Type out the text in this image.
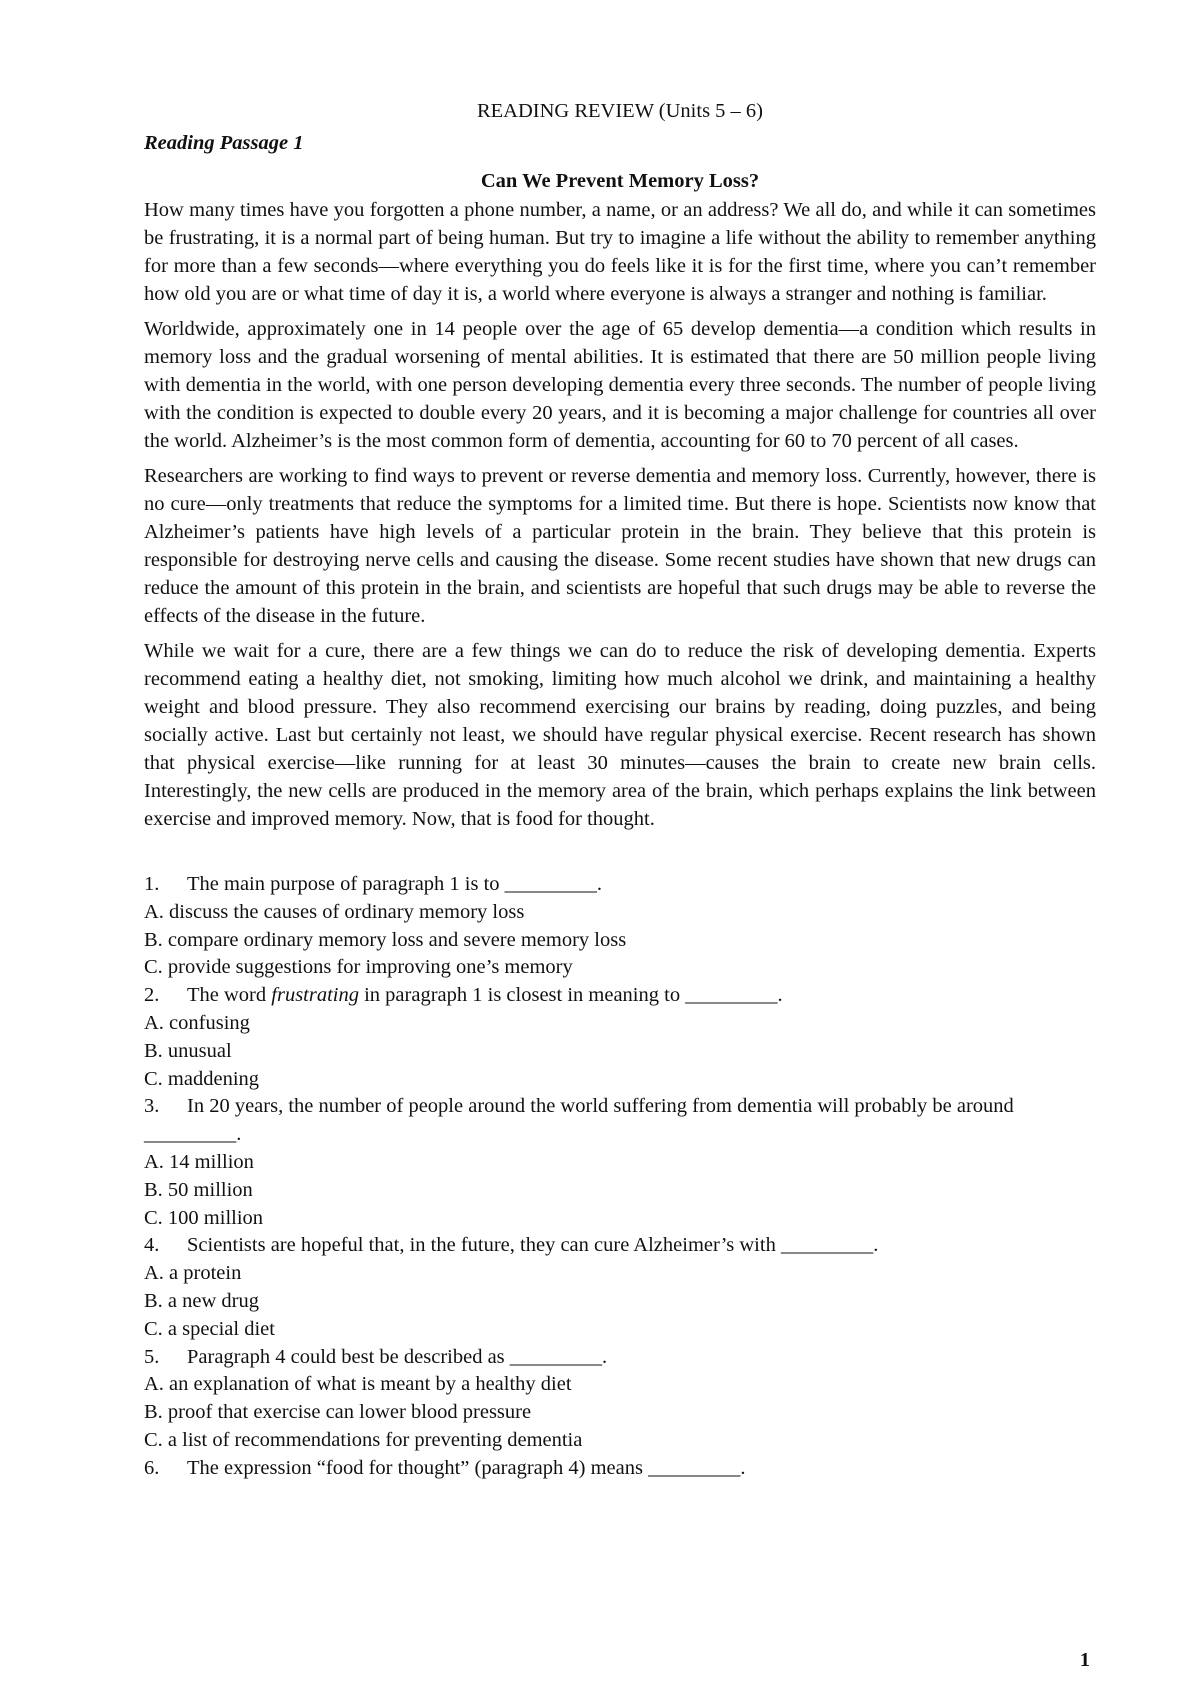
READING REVIEW (Units 5 – 6)
Reading Passage 1
Can We Prevent Memory Loss?

How many times have you forgotten a phone number, a name, or an address? We all do, and while it can sometimes be frustrating, it is a normal part of being human. But try to imagine a life without the ability to remember anything for more than a few seconds—where everything you do feels like it is for the first time, where you can’t remember how old you are or what time of day it is, a world where everyone is always a stranger and nothing is familiar.

Worldwide, approximately one in 14 people over the age of 65 develop dementia—a condition which results in memory loss and the gradual worsening of mental abilities. It is estimated that there are 50 million people living with dementia in the world, with one person developing dementia every three seconds. The number of people living with the condition is expected to double every 20 years, and it is becoming a major challenge for countries all over the world. Alzheimer’s is the most common form of dementia, accounting for 60 to 70 percent of all cases.

Researchers are working to find ways to prevent or reverse dementia and memory loss. Currently, however, there is no cure—only treatments that reduce the symptoms for a limited time. But there is hope. Scientists now know that Alzheimer’s patients have high levels of a particular protein in the brain. They believe that this protein is responsible for destroying nerve cells and causing the disease. Some recent studies have shown that new drugs can reduce the amount of this protein in the brain, and scientists are hopeful that such drugs may be able to reverse the effects of the disease in the future.

While we wait for a cure, there are a few things we can do to reduce the risk of developing dementia. Experts recommend eating a healthy diet, not smoking, limiting how much alcohol we drink, and maintaining a healthy weight and blood pressure. They also recommend exercising our brains by reading, doing puzzles, and being socially active. Last but certainly not least, we should have regular physical exercise. Recent research has shown that physical exercise—like running for at least 30 minutes—causes the brain to create new brain cells. Interestingly, the new cells are produced in the memory area of the brain, which perhaps explains the link between exercise and improved memory. Now, that is food for thought.

1. The main purpose of paragraph 1 is to _________.

A. discuss the causes of ordinary memory loss

B. compare ordinary memory loss and severe memory loss

C. provide suggestions for improving one’s memory

2. The word frustrating in paragraph 1 is closest in meaning to _________.

A. confusing

B. unusual

C. maddening

3. In 20 years, the number of people around the world suffering from dementia will probably be around _________.

A. 14 million

B. 50 million

C. 100 million

4. Scientists are hopeful that, in the future, they can cure Alzheimer’s with _________.

A. a protein

B. a new drug

C. a special diet

5. Paragraph 4 could best be described as _________.

A. an explanation of what is meant by a healthy diet

B. proof that exercise can lower blood pressure

C. a list of recommendations for preventing dementia

6. The expression “food for thought” (paragraph 4) means _________.

1
